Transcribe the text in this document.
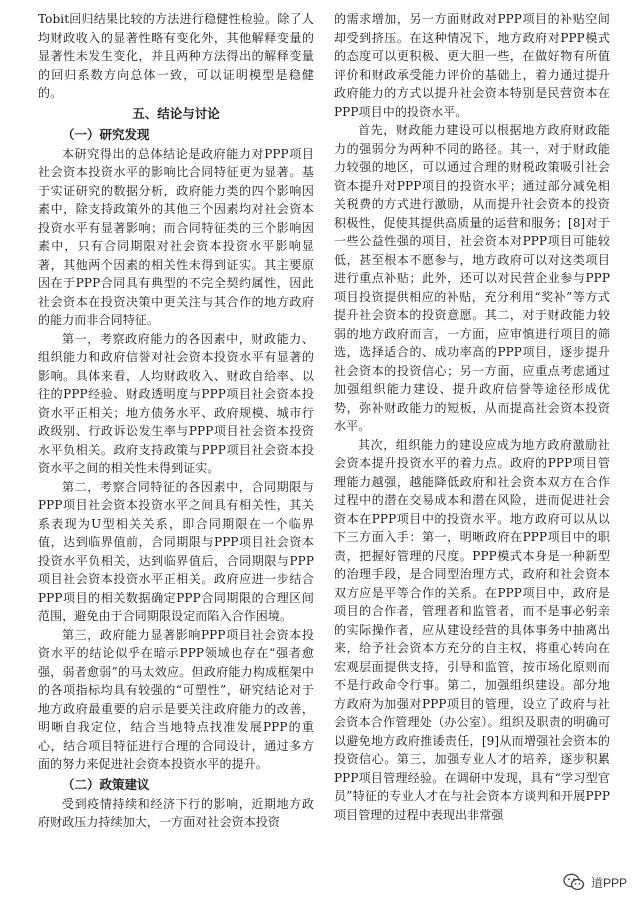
Tobit回归结果比较的方法进行稳健性检验。除了人均财政收入的显著性略有变化外，其他解释变量的显著性未发生变化，并且两种方法得出的解释变量的回归系数方向总体一致，可以证明模型是稳健的。

五、结论与讨论

（一）研究发现

本研究得出的总体结论是政府能力对PPP项目社会资本投资水平的影响比合同特征更为显著。基于实证研究的数据分析，政府能力类的四个影响因素中，除支持政策外的其他三个因素均对社会资本投资水平有显著影响；而合同特征类的三个影响因素中，只有合同期限对社会资本投资水平影响显著，其他两个因素的相关性未得到证实。其主要原因在于PPP合同具有典型的不完全契约属性，因此社会资本在投资决策中更关注与其合作的地方政府的能力而非合同特征。

第一，考察政府能力的各因素中，财政能力、组织能力和政府信誉对社会资本投资水平有显著的影响。具体来看，人均财政收入、财政自给率、以往的PPP经验、财政透明度与PPP项目社会资本投资水平正相关；地方债务水平、政府规模、城市行政级别、行政诉讼发生率与PPP项目社会资本投资水平负相关。政府支持政策与PPP项目社会资本投资水平之间的相关性未得到证实。

第二，考察合同特征的各因素中，合同期限与PPP项目社会资本投资水平之间具有相关性，其关系表现为U型相关关系，即合同期限在一个临界值，达到临界值前，合同期限与PPP项目社会资本投资水平负相关，达到临界值后，合同期限与PPP项目社会资本投资水平正相关。政府应进一步结合PPP项目的相关数据确定PPP合同期限的合理区间范围，避免由于合同期限设定而陷入合作困境。

第三，政府能力显著影响PPP项目社会资本投资水平的结论似乎在暗示PPP领域也存在“强者愈强，弱者愈弱”的马太效应。但政府能力构成框架中的各项指标均具有较强的“可塑性”，研究结论对于地方政府最重要的启示是要关注政府能力的改善，明晰自我定位，结合当地特点找准发展PPP的重心，结合项目特征进行合理的合同设计，通过多方面的努力来促进社会资本投资水平的提升。

（二）政策建议

受到疫情持续和经济下行的影响，近期地方政府财政压力持续加大，一方面对社会资本投资

的需求增加，另一方面财政对PPP项目的补贴空间却受到挤压。在这种情况下，地方政府对PPP模式的态度可以更积极、更大胆一些，在做好物有所值评价和财政承受能力评价的基础上，着力通过提升政府能力的方式以提升社会资本特别是民营资本在PPP项目中的投资水平。

首先，财政能力建设可以根据地方政府财政能力的强弱分为两种不同的路径。其一，对于财政能力较强的地区，可以通过合理的财税政策吸引社会资本提升对PPP项目的投资水平；通过部分减免相关税费的方式进行激励，从而提升社会资本的投资积极性，促使其提供高质量的运营和服务；[8]对于一些公益性强的项目，社会资本对PPP项目可能较低，甚至根本不愿参与，地方政府可以对这类项目进行重点补贴；此外，还可以对民营企业参与PPP项目投资提供相应的补贴，充分利用“奖补”等方式提升社会资本的投资意愿。其二，对于财政能力较弱的地方政府而言，一方面，应审慎进行项目的筛选，选择适合的、成功率高的PPP项目，逐步提升社会资本的投资信心；另一方面，应重点考虑通过加强组织能力建设、提升政府信誉等途径形成优势，弥补财政能力的短板，从而提高社会资本投资水平。

其次，组织能力的建设应成为地方政府激励社会资本提升投资水平的着力点。政府的PPP项目管理能力越强，越能降低政府和社会资本双方在合作过程中的潜在交易成本和潜在风险，进而促进社会资本在PPP项目中的投资水平。地方政府可以从以下三方面入手：第一，明晰政府在PPP项目中的职责，把握好管理的尺度。PPP模式本身是一种新型的治理手段，是合同型治理方式，政府和社会资本双方应是平等合作的关系。在PPP项目中，政府是项目的合作者，管理者和监管者，而不是事必躬亲的实际操作者，应从建设经营的具体事务中抽离出来，给予社会资本方充分的自主权，将重心转向在宏观层面提供支持，引导和监管，按市场化原则而不是行政命令行事。第二，加强组织建设。部分地方政府为加强对PPP项目的管理，设立了政府与社会资本合作管理处（办公室）。组织及职责的明确可以避免地方政府推诿责任，[9]从而增强社会资本的投资信心。第三，加强专业人才的培养，逐步积累PPP项目管理经验。在调研中发现，具有“学习型官员”特征的专业人才在与社会资本方谈判和开展PPP项目管理的过程中表现出非常强

道PPP
